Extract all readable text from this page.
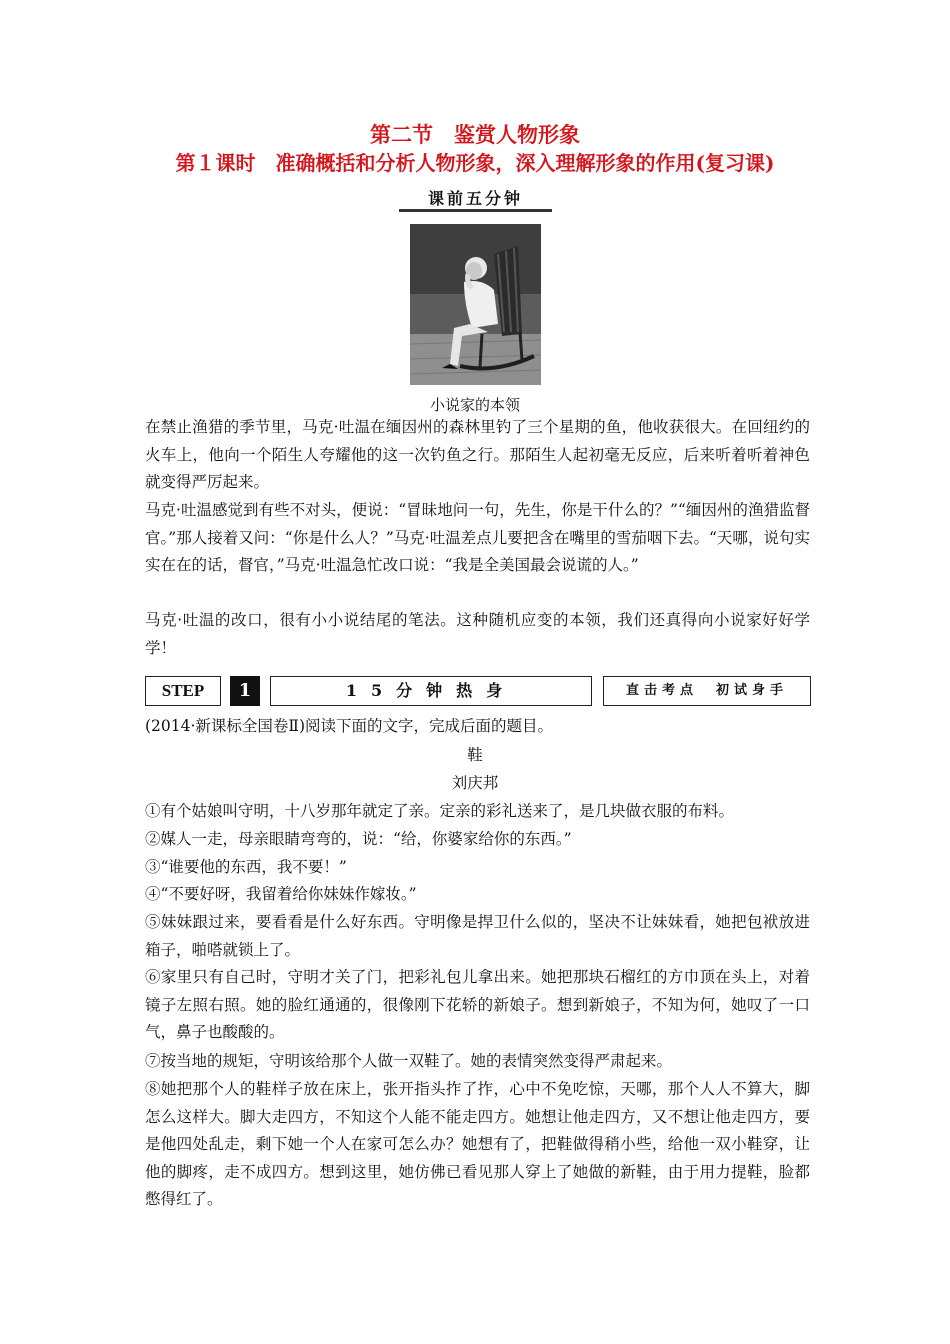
第二节　鉴赏人物形象
第１课时　准确概括和分析人物形象，深入理解形象的作用(复习课)
课前五分钟
小说家的本领

在禁止渔猎的季节里，马克·吐温在缅因州的森林里钓了三个星期的鱼，他收获很大。在回纽约的火车上，他向一个陌生人夸耀他的这一次钓鱼之行。那陌生人起初毫无反应，后来听着听着神色就变得严厉起来。

马克·吐温感觉到有些不对头，便说：“冒昧地问一句，先生，你是干什么的？”“缅因州的渔猎监督官。”那人接着又问：“你是什么人？”马克·吐温差点儿要把含在嘴里的雪茄咽下去。“天哪，说句实实在在的话，督官，”马克·吐温急忙改口说：“我是全美国最会说谎的人。”

马克·吐温的改口，很有小小说结尾的笔法。这种随机应变的本领，我们还真得向小说家好好学学！

STEP	1	15分钟热身	直击考点　初试身手

(2014·新课标全国卷Ⅱ)阅读下面的文字，完成后面的题目。

鞋

刘庆邦

①有个姑娘叫守明，十八岁那年就定了亲。定亲的彩礼送来了，是几块做衣服的布料。

②媒人一走，母亲眼睛弯弯的，说：“给，你婆家给你的东西。”

③“谁要他的东西，我不要！”

④“不要好呀，我留着给你妹妹作嫁妆。”

⑤妹妹跟过来，要看看是什么好东西。守明像是捍卫什么似的，坚决不让妹妹看，她把包袱放进箱子，啪嗒就锁上了。

⑥家里只有自己时，守明才关了门，把彩礼包儿拿出来。她把那块石榴红的方巾顶在头上，对着镜子左照右照。她的脸红通通的，很像刚下花轿的新娘子。想到新娘子，不知为何，她叹了一口气，鼻子也酸酸的。

⑦按当地的规矩，守明该给那个人做一双鞋了。她的表情突然变得严肃起来。

⑧她把那个人的鞋样子放在床上，张开指头拃了拃，心中不免吃惊，天哪，那个人人不算大，脚怎么这样大。脚大走四方，不知这个人能不能走四方。她想让他走四方，又不想让他走四方，要是他四处乱走，剩下她一个人在家可怎么办？她想有了，把鞋做得稍小些，给他一双小鞋穿，让他的脚疼，走不成四方。想到这里，她仿佛已看见那人穿上了她做的新鞋，由于用力提鞋，脸都憋得红了。
